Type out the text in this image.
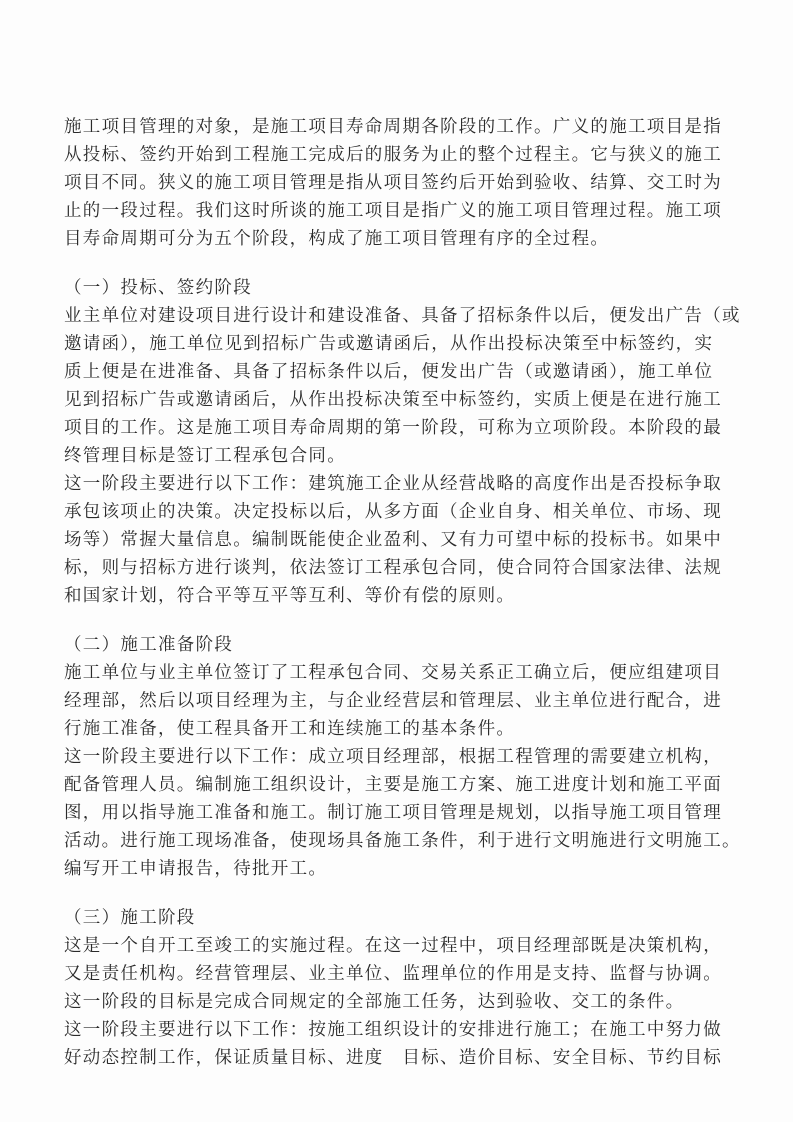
施工项目管理的对象，是施工项目寿命周期各阶段的工作。广义的施工项目是指
从投标、签约开始到工程施工完成后的服务为止的整个过程主。它与狭义的施工
项目不同。狭义的施工项目管理是指从项目签约后开始到验收、结算、交工时为
止的一段过程。我们这时所谈的施工项目是指广义的施工项目管理过程。施工项
目寿命周期可分为五个阶段，构成了施工项目管理有序的全过程。
（一）投标、签约阶段
业主单位对建设项目进行设计和建设准备、具备了招标条件以后，便发出广告（或
邀请函），施工单位见到招标广告或邀请函后，从作出投标决策至中标签约，实
质上便是在进准备、具备了招标条件以后，便发出广告（或邀请函），施工单位
见到招标广告或邀请函后，从作出投标决策至中标签约，实质上便是在进行施工
项目的工作。这是施工项目寿命周期的第一阶段，可称为立项阶段。本阶段的最
终管理目标是签订工程承包合同。
这一阶段主要进行以下工作：建筑施工企业从经营战略的高度作出是否投标争取
承包该项止的决策。决定投标以后，从多方面（企业自身、相关单位、市场、现
场等）常握大量信息。编制既能使企业盈利、又有力可望中标的投标书。如果中
标，则与招标方进行谈判，依法签订工程承包合同，使合同符合国家法律、法规
和国家计划，符合平等互平等互利、等价有偿的原则。
（二）施工准备阶段
施工单位与业主单位签订了工程承包合同、交易关系正工确立后，便应组建项目
经理部，然后以项目经理为主，与企业经营层和管理层、业主单位进行配合，进
行施工准备，使工程具备开工和连续施工的基本条件。
这一阶段主要进行以下工作：成立项目经理部，根据工程管理的需要建立机构，
配备管理人员。编制施工组织设计，主要是施工方案、施工进度计划和施工平面
图，用以指导施工准备和施工。制订施工项目管理是规划，以指导施工项目管理
活动。进行施工现场准备，使现场具备施工条件，利于进行文明施进行文明施工。
编写开工申请报告，待批开工。
（三）施工阶段
这是一个自开工至竣工的实施过程。在这一过程中，项目经理部既是决策机构，
又是责任机构。经营管理层、业主单位、监理单位的作用是支持、监督与协调。
这一阶段的目标是完成合同规定的全部施工任务，达到验收、交工的条件。
这一阶段主要进行以下工作：按施工组织设计的安排进行施工；在施工中努力做
好动态控制工作，保证质量目标、进度　目标、造价目标、安全目标、节约目标
